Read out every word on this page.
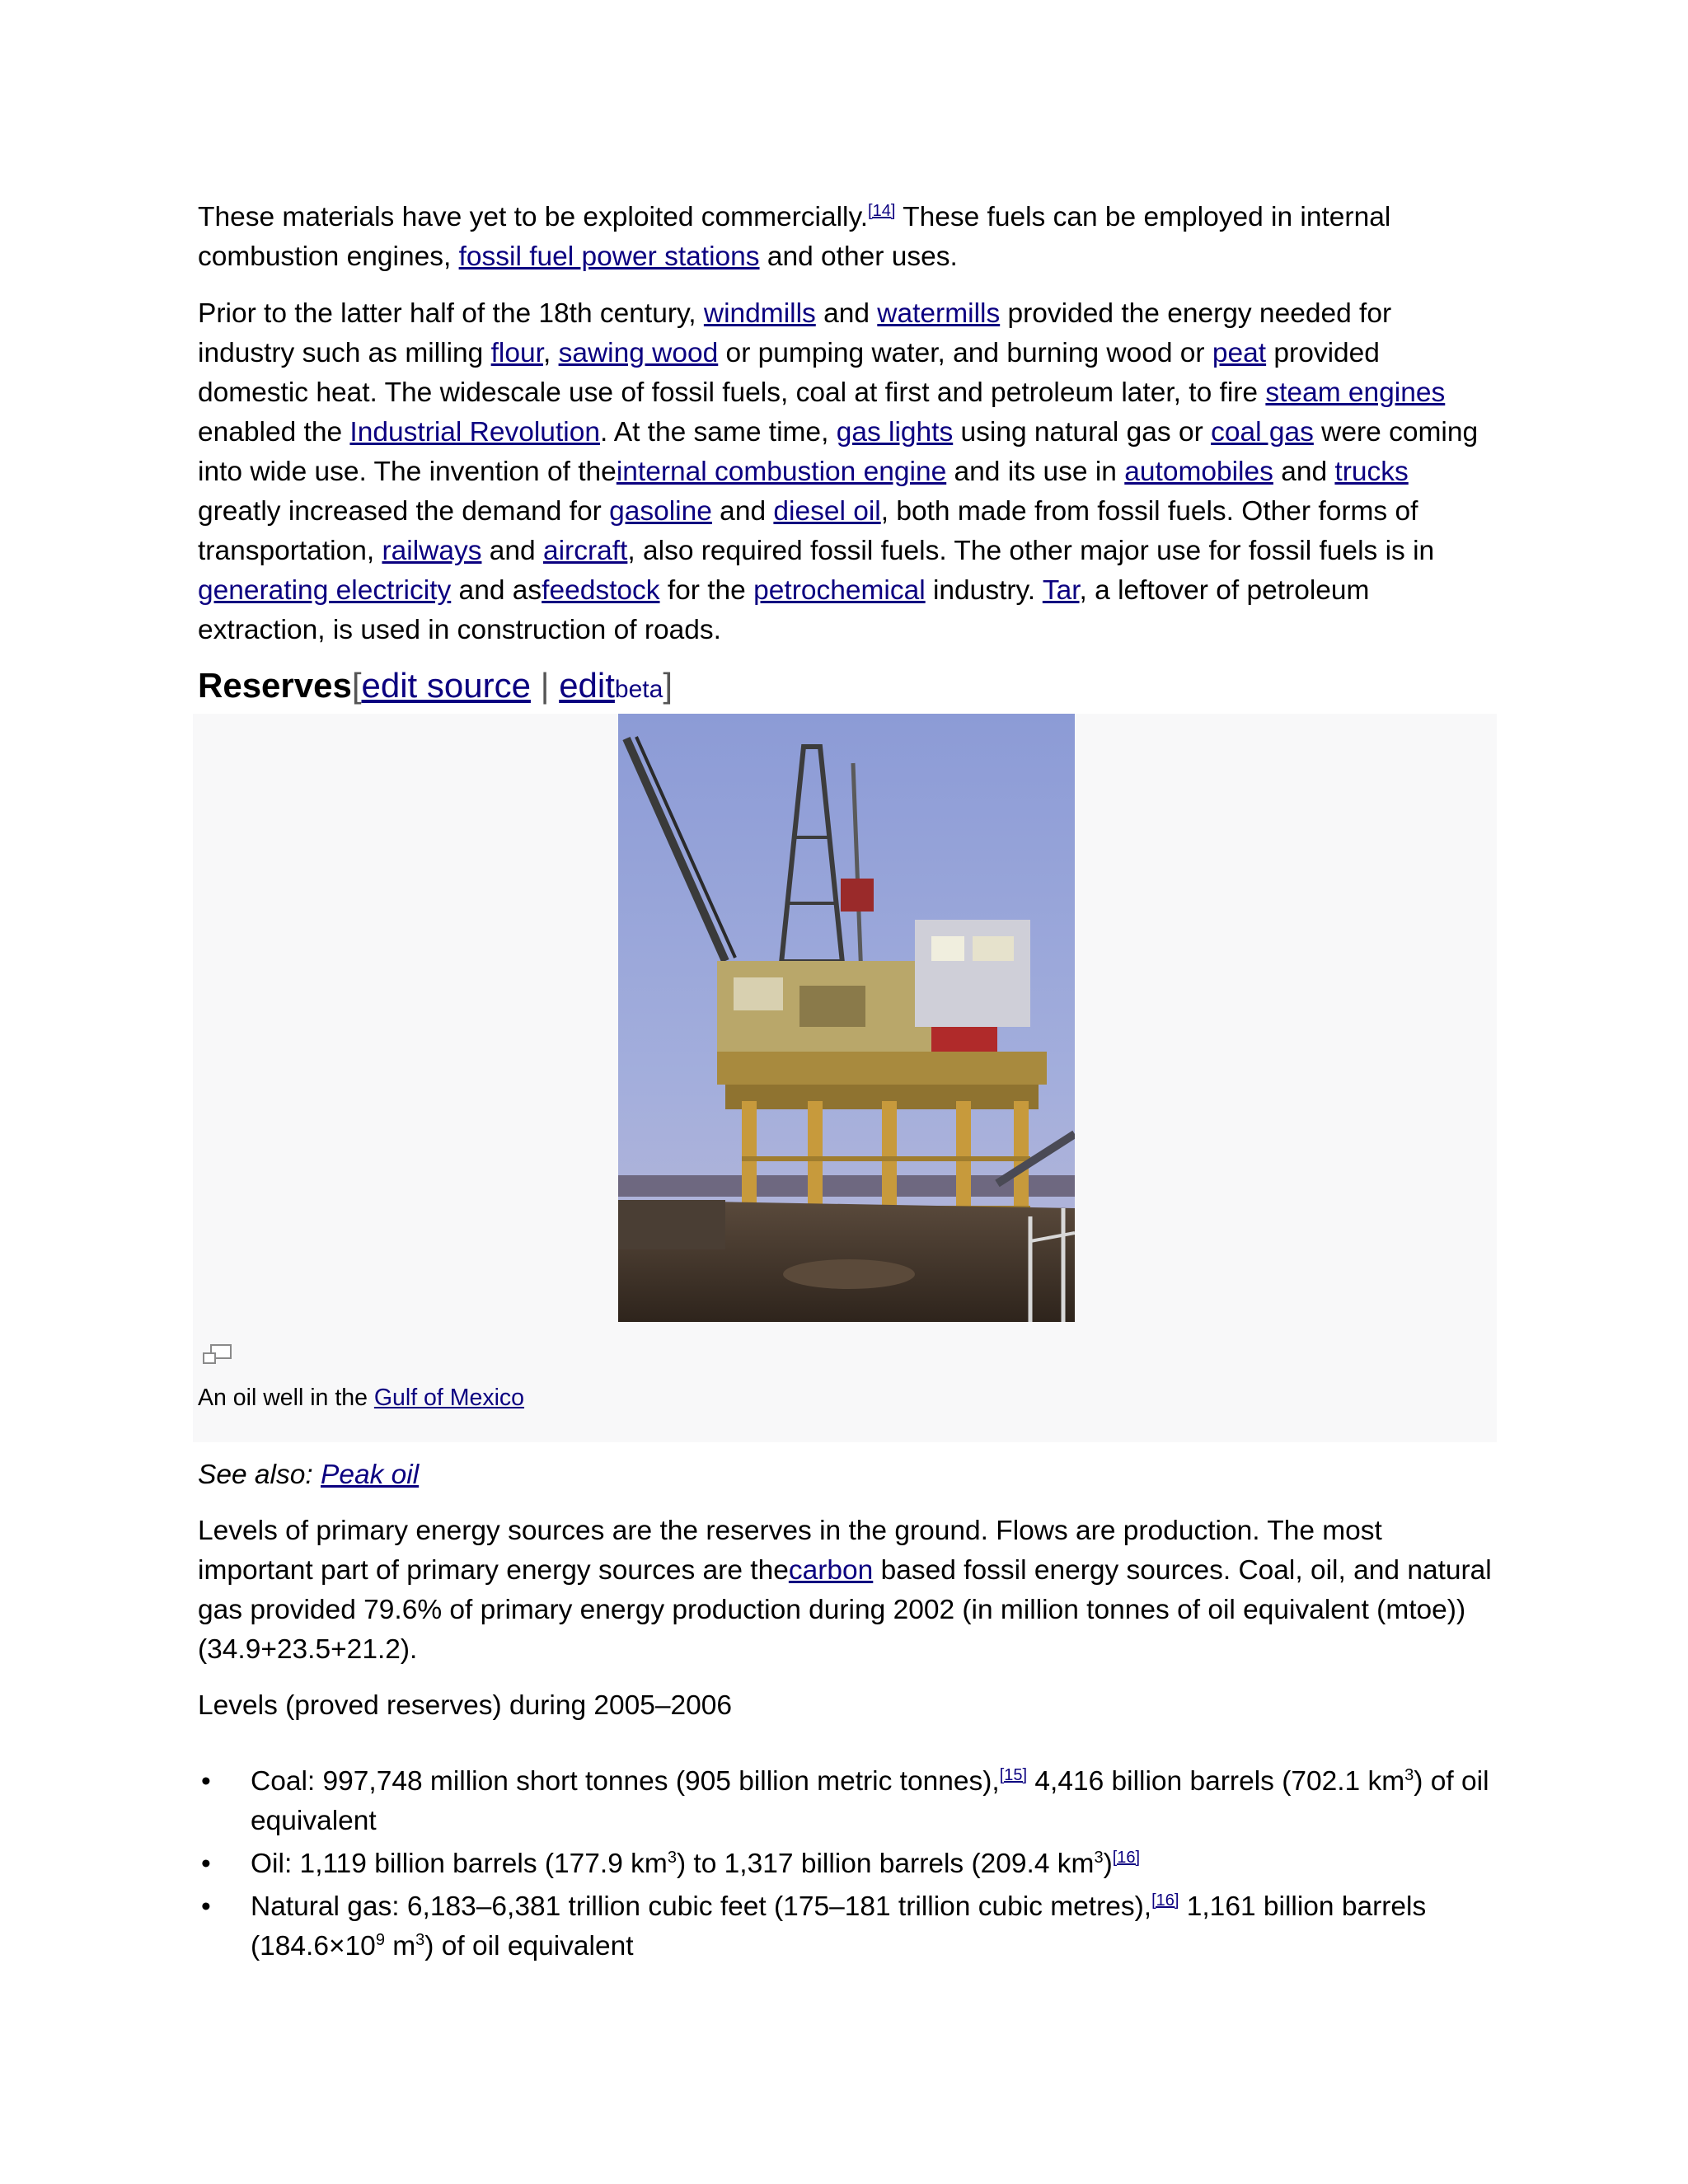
These materials have yet to be exploited commercially.[14] These fuels can be employed in internal combustion engines, fossil fuel power stations and other uses.

Prior to the latter half of the 18th century, windmills and watermills provided the energy needed for industry such as milling flour, sawing wood or pumping water, and burning wood or peat provided domestic heat. The widescale use of fossil fuels, coal at first and petroleum later, to fire steam engines enabled the Industrial Revolution. At the same time, gas lights using natural gas or coal gas were coming into wide use. The invention of theinternal combustion engine and its use in automobiles and trucks greatly increased the demand for gasoline and diesel oil, both made from fossil fuels. Other forms of transportation, railways and aircraft, also required fossil fuels. The other major use for fossil fuels is in generating electricity and asfeedstock for the petrochemical industry. Tar, a leftover of petroleum extraction, is used in construction of roads.

Reserves[edit source | editbeta]
An oil well in the Gulf of Mexico

See also: Peak oil

Levels of primary energy sources are the reserves in the ground. Flows are production. The most important part of primary energy sources are thecarbon based fossil energy sources. Coal, oil, and natural gas provided 79.6% of primary energy production during 2002 (in million tonnes of oil equivalent (mtoe)) (34.9+23.5+21.2).

Levels (proved reserves) during 2005–2006

• Coal: 997,748 million short tonnes (905 billion metric tonnes),[15] 4,416 billion barrels (702.1 $km^3$) of oil equivalent
• Oil: 1,119 billion barrels (177.9 $km^3$) to 1,317 billion barrels (209.4 $km^3)[16]$
• Natural gas: 6,183–6,381 trillion cubic feet (175–181 trillion cubic metres),[16] 1,161 billion barrels ($184.6\times 10^9$ $m^3$) of oil equivalent
